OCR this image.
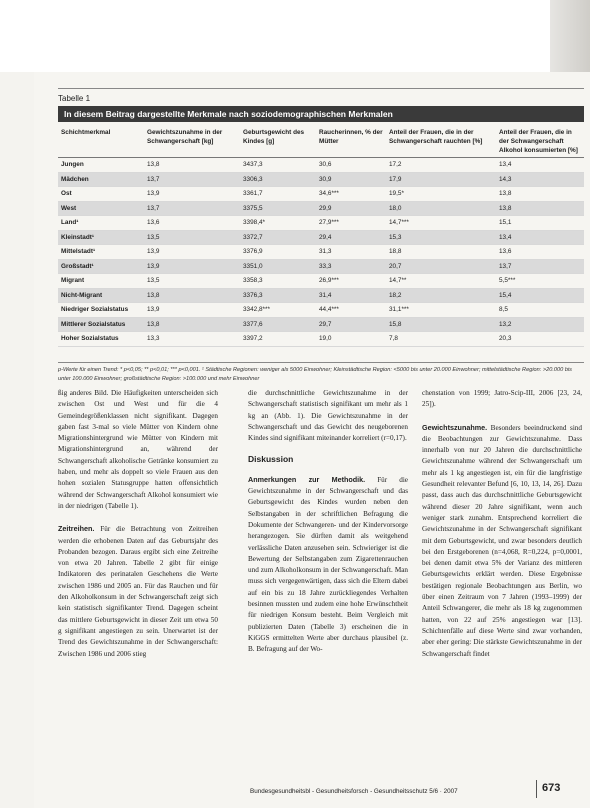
Tabelle 1
In diesem Beitrag dargestellte Merkmale nach soziodemographischen Merkmalen
Schichtmerkmal	Gewichtszunahme in der Schwangerschaft [kg]	Geburtsgewicht des Kindes [g]	Raucherinnen, % der Mütter	Anteil der Frauen, die in der Schwangerschaft rauchten [%]	Anteil der Frauen, die in der Schwangerschaft Alkohol konsumierten [%]
Jungen	13,8	3437,3	30,6	17,2	13,4
Mädchen	13,7	3306,3	30,9	17,9	14,3
Ost	13,9	3361,7	34,6***	19,5*	13,8
West	13,7	3375,5	29,9	18,0	13,8
Land¹	13,6	3398,4*	27,9***	14,7***	15,1
Kleinstadt¹	13,5	3372,7	29,4	15,3	13,4
Mittelstadt¹	13,9	3376,9	31,3	18,8	13,6
Großstadt¹	13,9	3351,0	33,3	20,7	13,7
Migrant	13,5	3358,3	26,9***	14,7**	5,5***
Nicht-Migrant	13,8	3376,3	31,4	18,2	15,4
Niedriger Sozialstatus	13,9	3342,8***	44,4***	31,1***	8,5
Mittlerer Sozialstatus	13,8	3377,6	29,7	15,8	13,2
Hoher Sozialstatus	13,3	3397,2	19,0	7,8	20,3
p-Werte für einen Trend: * p<0,05; ** p<0,01; *** p<0,001. ¹ Städtische Regionen: weniger als 5000 Einwohner; Kleinstädtische Region: <5000 bis unter 20.000 Einwohner; mittelstädtische Region: >20.000 bis unter 100.000 Einwohner; großstädtische Region: >100.000 und mehr Einwohner

ßig anderes Bild. Die Häufigkeiten unterscheiden sich zwischen Ost und West und für die 4 Gemeindegrößenklassen nicht signifikant. Dagegen gaben fast 3-mal so viele Mütter von Kindern ohne Migrationshintergrund wie Mütter von Kindern mit Migrationshintergrund an, während der Schwangerschaft alkoholische Getränke konsumiert zu haben, und mehr als doppelt so viele Frauen aus den hohen sozialen Statusgruppe hatten offensichtlich während der Schwangerschaft Alkohol konsumiert wie in der niedrigen (Tabelle 1).

Zeitreihen. Für die Betrachtung von Zeitreihen werden die erhobenen Daten auf das Geburtsjahr des Probanden bezogen. Daraus ergibt sich eine Zeitreihe von etwa 20 Jahren. Tabelle 2 gibt für einige Indikatoren des perinatalen Geschehens die Werte zwischen 1986 und 2005 an. Für das Rauchen und für den Alkoholkonsum in der Schwangerschaft zeigt sich kein statistisch signifikanter Trend. Dagegen scheint das mittlere Geburtsgewicht in dieser Zeit um etwa 50 g signifikant angestiegen zu sein. Unerwartet ist der Trend des Gewichtszunahme in der Schwangerschaft: Zwischen 1986 und 2006 stieg

die durchschnittliche Gewichtszunahme in der Schwangerschaft statistisch signifikant um mehr als 1 kg an (Abb. 1). Die Gewichtszunahme in der Schwangerschaft und das Gewicht des neugeborenen Kindes sind signifikant miteinander korreliert (r=0,17).

Diskussion

Anmerkungen zur Methodik. Für die Gewichtszunahme in der Schwangerschaft und das Geburtsgewicht des Kindes wurden neben den Selbstangaben in der schriftlichen Befragung die Dokumente der Schwangeren- und der Kindervorsorge herangezogen. Sie dürften damit als weitgehend verlässliche Daten anzusehen sein. Schwieriger ist die Bewertung der Selbstangaben zum Zigarettenrauchen und zum Alkoholkonsum in der Schwangerschaft. Man muss sich vergegenwärtigen, dass sich die Eltern dabei auf ein bis zu 18 Jahre zurückliegendes Verhalten besinnen mussten und zudem eine hohe Erwünschtheit für niedrigen Konsum besteht. Beim Vergleich mit publizierten Daten (Tabelle 3) erscheinen die in KiGGS ermittelten Werte aber durchaus plausibel (z. B. Befragung auf der Wo-

chenstation von 1999; Jatro-Scip-III, 2006 [23, 24, 25]).

Gewichtszunahme. Besonders beeindruckend sind die Beobachtungen zur Gewichtszunahme. Dass innerhalb von nur 20 Jahren die durchschnittliche Gewichtszunahme während der Schwangerschaft um mehr als 1 kg angestiegen ist, ein für die langfristige Gesundheit relevanter Befund [6, 10, 13, 14, 26]. Dazu passt, dass auch das durchschnittliche Geburtsgewicht während dieser 20 Jahre signifikant, wenn auch weniger stark zunahm. Entsprechend korreliert die Gewichtszunahme in der Schwangerschaft signifikant mit dem Geburtsgewicht, und zwar besonders deutlich bei den Erstgeborenen (n=4,068, R=0,224, p=0,0001, bei denen damit etwa 5% der Varianz des mittleren Geburtsgewichts erklärt werden. Diese Ergebnisse bestätigen regionale Beobachtungen aus Berlin, wo über einen Zeitraum von 7 Jahren (1993–1999) der Anteil Schwangerer, die mehr als 18 kg zugenommen hatten, von 22 auf 25% angestiegen war [13]. Schichtenfälle auf diese Werte sind zwar vorhanden, aber eher gering: Die stärkste Gewichtszunahme in der Schwangerschaft findet

Bundesgesundheitsbl - Gesundheitsforsch - Gesundheitsschutz 5/6 · 2007	673
